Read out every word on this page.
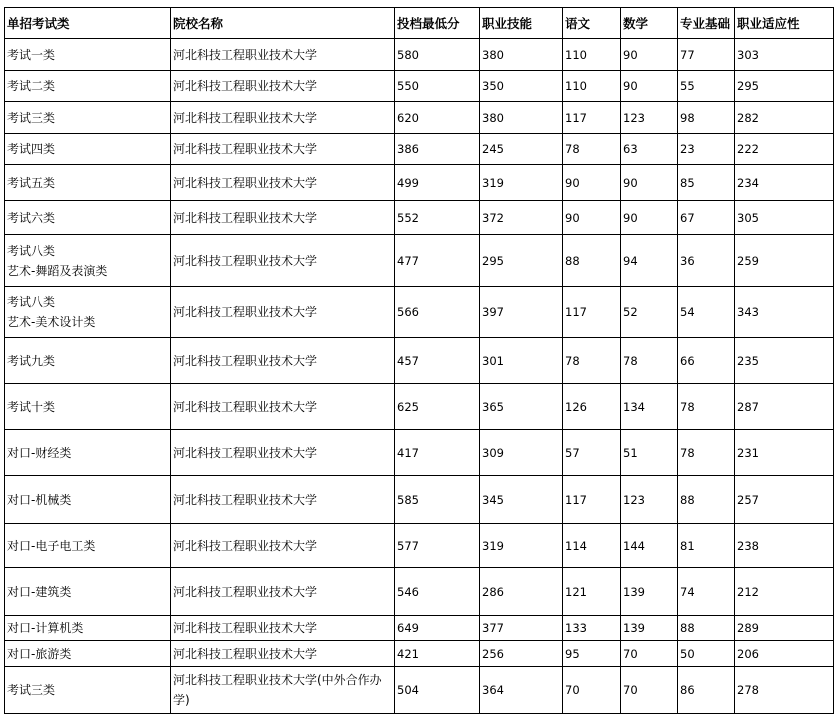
单招考试类	院校名称	投档最低分	职业技能	语文	数学	专业基础	职业适应性

考试一类	河北科技工程职业技术大学	580	380	110	90	77	303

考试二类	河北科技工程职业技术大学	550	350	110	90	55	295

考试三类	河北科技工程职业技术大学	620	380	117	123	98	282

考试四类	河北科技工程职业技术大学	386	245	78	63	23	222

考试五类	河北科技工程职业技术大学	499	319	90	90	85	234

考试六类	河北科技工程职业技术大学	552	372	90	90	67	305

考试八类
艺术-舞蹈及表演类	河北科技工程职业技术大学	477	295	88	94	36	259

考试八类
艺术-美术设计类	河北科技工程职业技术大学	566	397	117	52	54	343

考试九类	河北科技工程职业技术大学	457	301	78	78	66	235

考试十类	河北科技工程职业技术大学	625	365	126	134	78	287

对口-财经类	河北科技工程职业技术大学	417	309	57	51	78	231

对口-机械类	河北科技工程职业技术大学	585	345	117	123	88	257

对口-电子电工类	河北科技工程职业技术大学	577	319	114	144	81	238

对口-建筑类	河北科技工程职业技术大学	546	286	121	139	74	212

对口-计算机类	河北科技工程职业技术大学	649	377	133	139	88	289

对口-旅游类	河北科技工程职业技术大学	421	256	95	70	50	206

考试三类	河北科技工程职业技术大学(中外合作办学)	504	364	70	70	86	278
